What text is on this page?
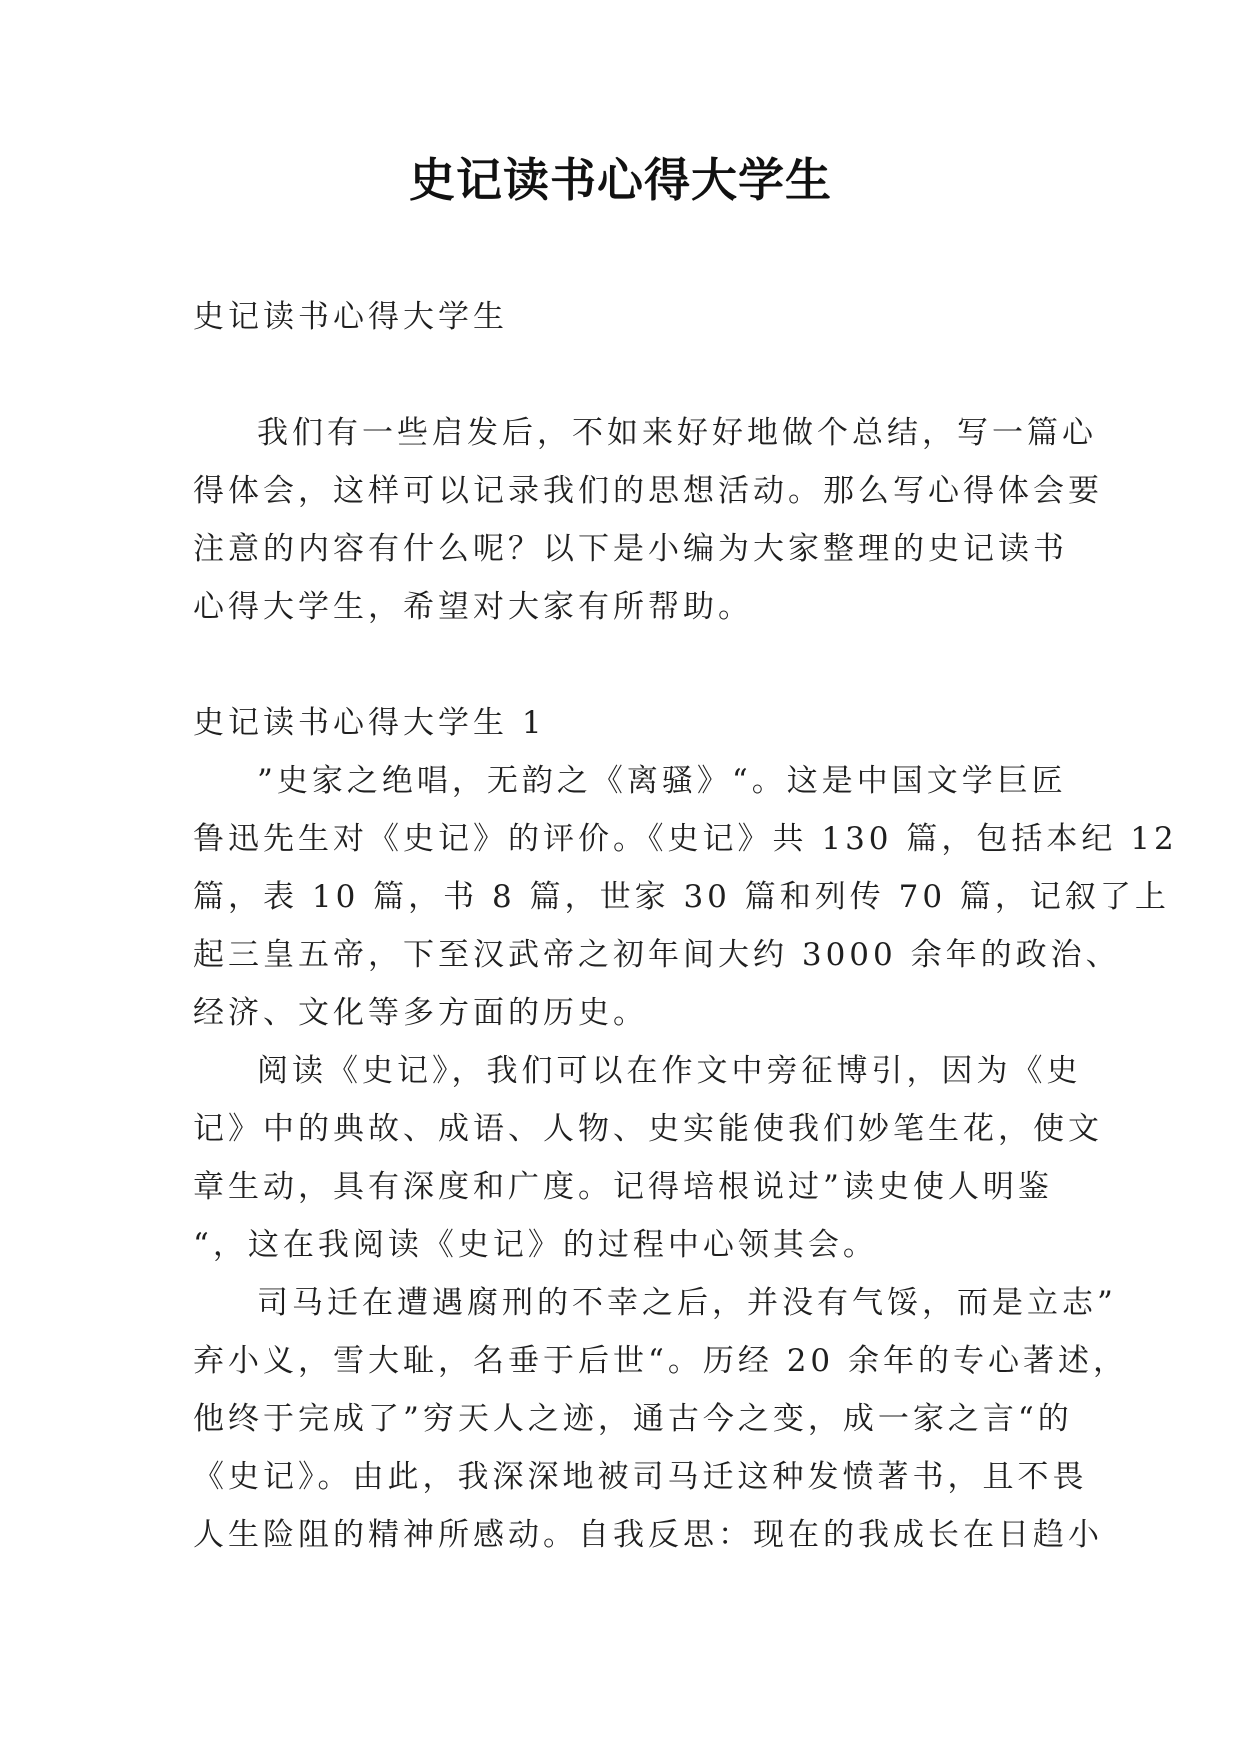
史记读书心得大学生
史记读书心得大学生
我们有一些启发后，不如来好好地做个总结，写一篇心
得体会，这样可以记录我们的思想活动。那么写心得体会要
注意的内容有什么呢？以下是小编为大家整理的史记读书
心得大学生，希望对大家有所帮助。
史记读书心得大学生 1
”史家之绝唱，无韵之《离骚》“。这是中国文学巨匠
鲁迅先生对《史记》的评价。《史记》共 130 篇，包括本纪 12
篇，表 10 篇，书 8 篇，世家 30 篇和列传 70 篇，记叙了上
起三皇五帝，下至汉武帝之初年间大约 3000 余年的政治、
经济、文化等多方面的历史。
阅读《史记》，我们可以在作文中旁征博引，因为《史
记》中的典故、成语、人物、史实能使我们妙笔生花，使文
章生动，具有深度和广度。记得培根说过”读史使人明鉴
“，这在我阅读《史记》的过程中心领其会。
司马迁在遭遇腐刑的不幸之后，并没有气馁，而是立志”
弃小义，雪大耻，名垂于后世“。历经 20 余年的专心著述，
他终于完成了”穷天人之迹，通古今之变，成一家之言“的
《史记》。由此，我深深地被司马迁这种发愤著书，且不畏
人生险阻的精神所感动。自我反思：现在的我成长在日趋小
